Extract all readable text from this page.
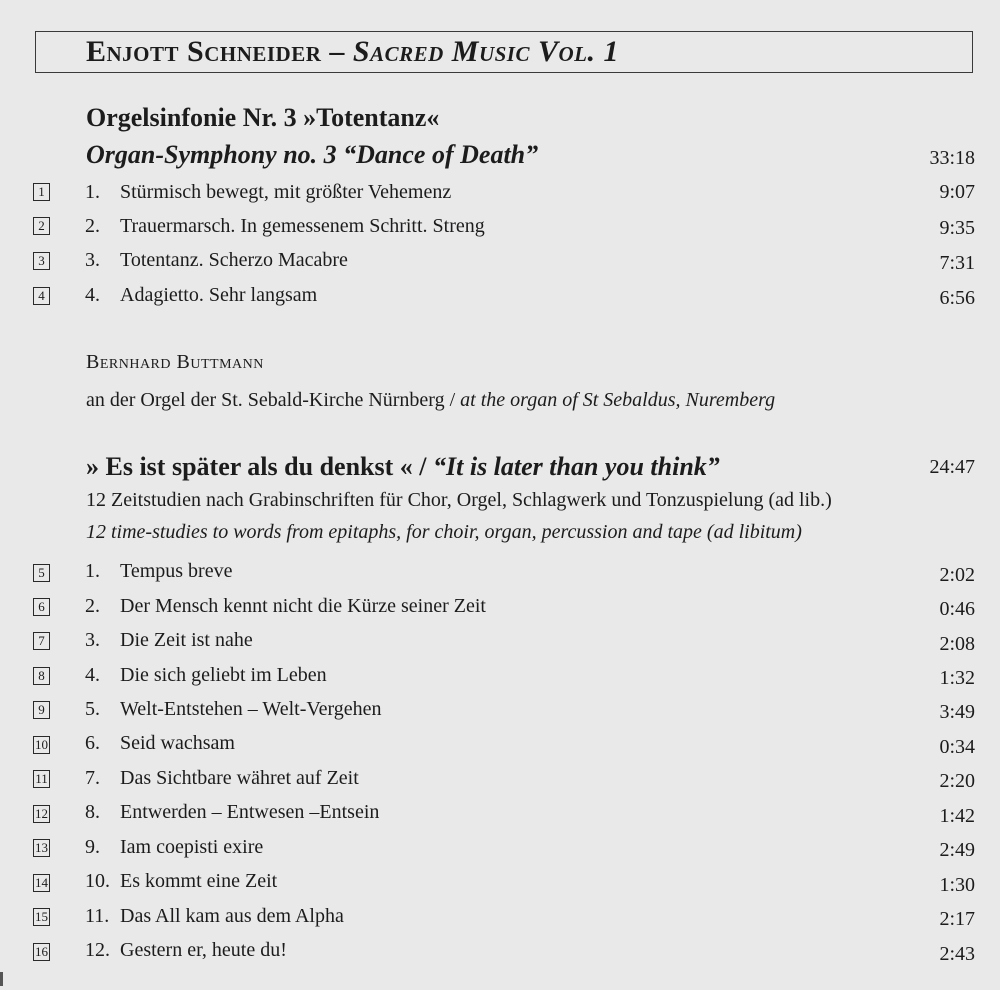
Enjott Schneider – Sacred Music Vol. 1
Orgelsinfonie Nr. 3 »Totentanz«
Organ-Symphony no. 3 “Dance of Death”	33:18
1 1. Stürmisch bewegt, mit größter Vehemenz	9:07
2 2. Trauermarsch. In gemessenem Schritt. Streng	9:35
3 3. Totentanz. Scherzo Macabre	7:31
4 4. Adagietto. Sehr langsam	6:56
Bernhard Buttmann
an der Orgel der St. Sebald-Kirche Nürnberg / at the organ of St Sebaldus, Nuremberg
» Es ist später als du denkst « / “It is later than you think”	24:47
12 Zeitstudien nach Grabinschriften für Chor, Orgel, Schlagwerk und Tonzuspielung (ad lib.)
12 time-studies to words from epitaphs, for choir, organ, percussion and tape (ad libitum)
5 1. Tempus breve	2:02
6 2. Der Mensch kennt nicht die Kürze seiner Zeit	0:46
7 3. Die Zeit ist nahe	2:08
8 4. Die sich geliebt im Leben	1:32
9 5. Welt-Entstehen – Welt-Vergehen	3:49
10 6. Seid wachsam	0:34
11 7. Das Sichtbare währet auf Zeit	2:20
12 8. Entwerden – Entwesen –Entsein	1:42
13 9. Iam coepisti exire	2:49
14 10. Es kommt eine Zeit	1:30
15 11. Das All kam aus dem Alpha	2:17
16 12. Gestern er, heute du!	2:43
